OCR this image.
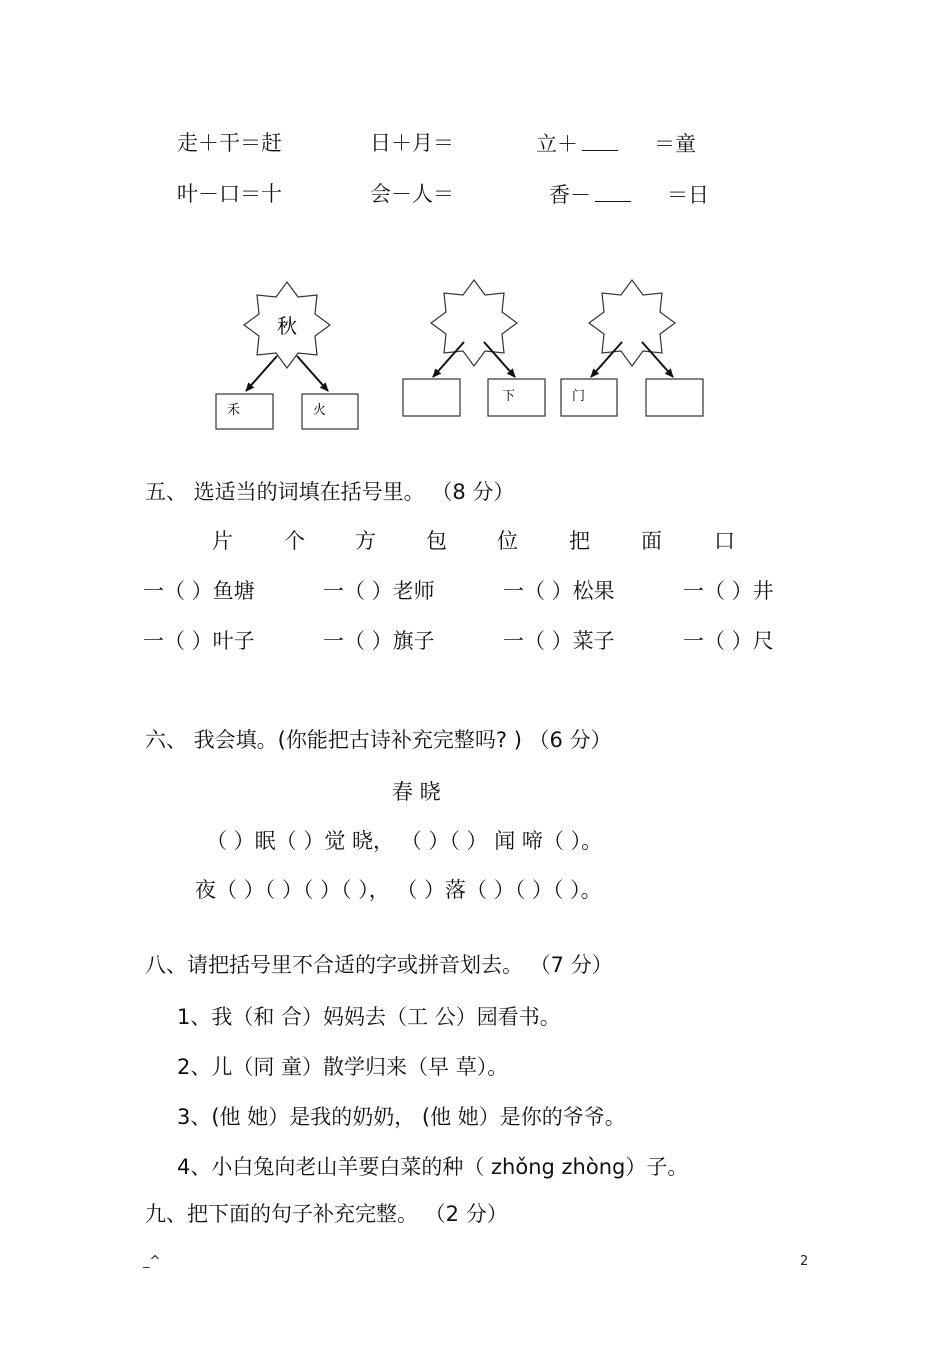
走＋干＝赶	日＋月＝	立＋	＝童
叶－口＝十	会－人＝	香－	＝日
秋
禾	火
下	门
五、 选适当的词填在括号里。 （8 分）
片 个 方 包 位 把 面 口
一（ ）鱼塘	一（ ）老师	一（ ）松果	一（ ）井
一（ ）叶子	一（ ）旗子	一（ ）菜子	一（ ）尺
六、 我会填。(你能把古诗补充完整吗? ) （6 分）
春 晓
（ ）眠（ ）觉 晓， （ ）（ ） 闻 啼（ ）。
夜（ ）（ ）（ ）（ ）， （ ）落（ ）（ ）（ ）。
八、请把括号里不合适的字或拼音划去。 （7 分）
1、我（和 合）妈妈去（工 公）园看书。
2、儿（同 童）散学归来（早 草）。
3、(他 她）是我的奶奶， (他 她）是你的爷爷。
4、小白兔向老山羊要白菜的种（ zhǒng zhòng）子。
九、把下面的句子补充完整。 （2 分）
_^	2
